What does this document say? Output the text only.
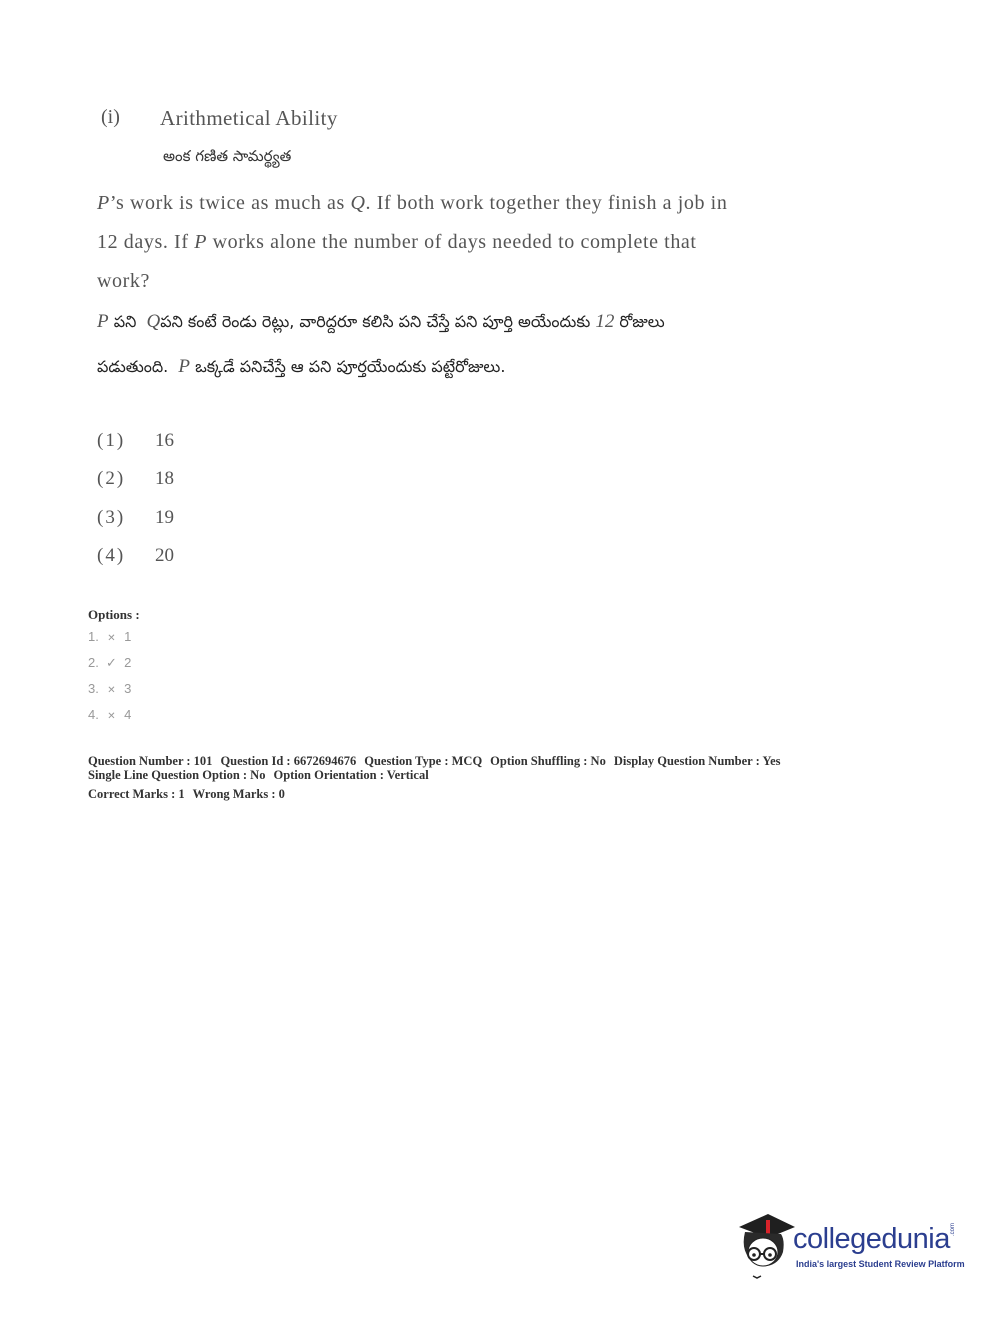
(i) Arithmetical Ability
అంక గణిత సామర్థ్యత
P’s work is twice as much as Q. If both work together they finish a job in
12 days. If P works alone the number of days needed to complete that
work?
P పని Qపని కంటే రెండు రెట్లు, వారిద్దరూ కలిసి పని చేస్తే పని పూర్తి అయేందుకు 12 రోజులు
పడుతుంది. P ఒక్కడే పనిచేస్తే ఆ పని పూర్తయేందుకు పట్టేరోజులు.
(1) 16
(2) 18
(3) 19
(4) 20
Options :
1. ✕ 1
2. ✓ 2
3. ✕ 3
4. ✕ 4
Question Number : 101 Question Id : 6672694676 Question Type : MCQ Option Shuffling : No Display Question Number : Yes
Single Line Question Option : No Option Orientation : Vertical
Correct Marks : 1 Wrong Marks : 0
collegedunia
India's largest Student Review Platform
.com
